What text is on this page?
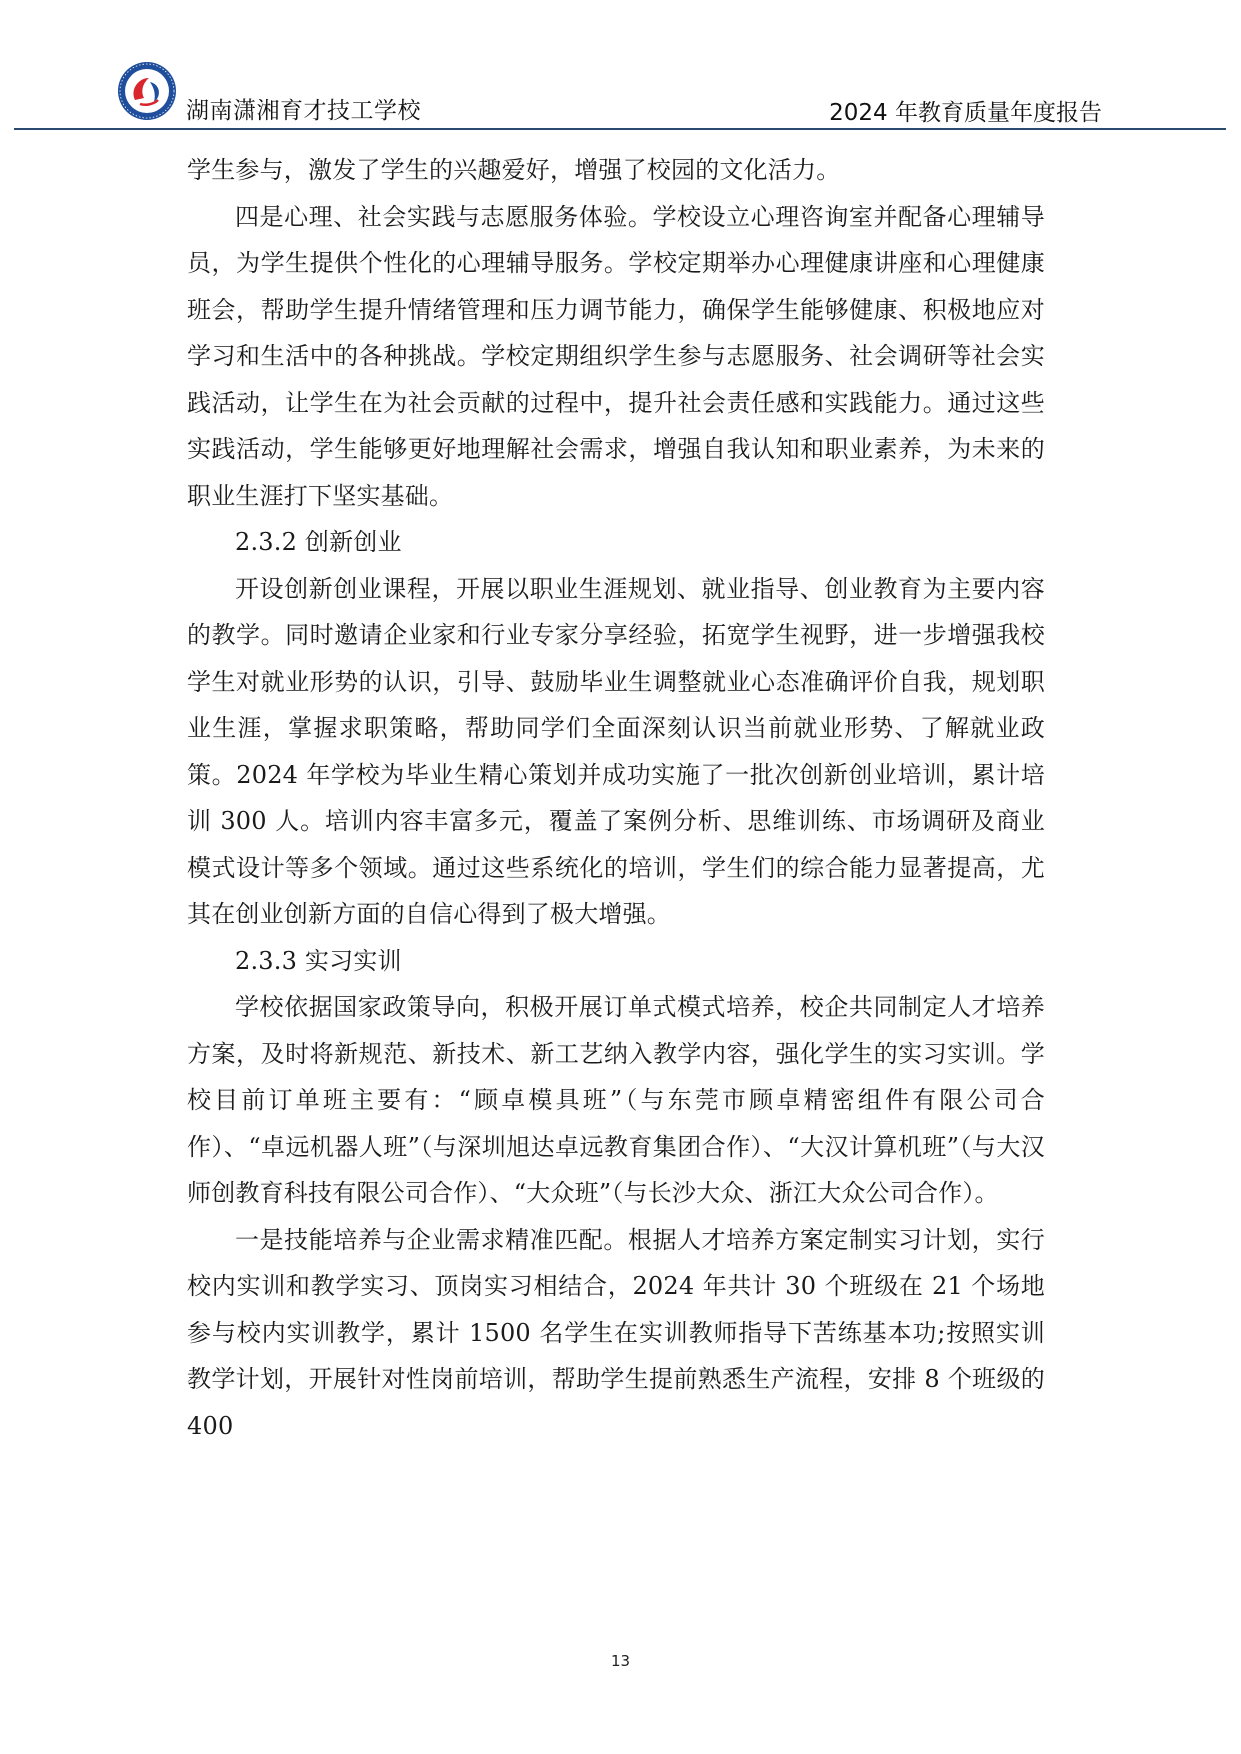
湖南潇湘育才技工学校	2024 年教育质量年度报告

学生参与，激发了学生的兴趣爱好，增强了校园的文化活力。

四是心理、社会实践与志愿服务体验。学校设立心理咨询室并配备心理辅导员，为学生提供个性化的心理辅导服务。学校定期举办心理健康讲座和心理健康班会，帮助学生提升情绪管理和压力调节能力，确保学生能够健康、积极地应对学习和生活中的各种挑战。学校定期组织学生参与志愿服务、社会调研等社会实践活动，让学生在为社会贡献的过程中，提升社会责任感和实践能力。通过这些实践活动，学生能够更好地理解社会需求，增强自我认知和职业素养，为未来的职业生涯打下坚实基础。

2.3.2 创新创业

开设创新创业课程，开展以职业生涯规划、就业指导、创业教育为主要内容的教学。同时邀请企业家和行业专家分享经验，拓宽学生视野，进一步增强我校学生对就业形势的认识，引导、鼓励毕业生调整就业心态准确评价自我，规划职业生涯，掌握求职策略，帮助同学们全面深刻认识当前就业形势、了解就业政策。2024 年学校为毕业生精心策划并成功实施了一批次创新创业培训，累计培训 300 人。培训内容丰富多元，覆盖了案例分析、思维训练、市场调研及商业模式设计等多个领域。通过这些系统化的培训，学生们的综合能力显著提高，尤其在创业创新方面的自信心得到了极大增强。

2.3.3 实习实训

学校依据国家政策导向，积极开展订单式模式培养，校企共同制定人才培养方案，及时将新规范、新技术、新工艺纳入教学内容，强化学生的实习实训。学校目前订单班主要有：“顾卓模具班”（与东莞市顾卓精密组件有限公司合作）、“卓远机器人班”（与深圳旭达卓远教育集团合作）、“大汉计算机班”（与大汉师创教育科技有限公司合作）、“大众班”（与长沙大众、浙江大众公司合作）。

一是技能培养与企业需求精准匹配。根据人才培养方案定制实习计划，实行校内实训和教学实习、顶岗实习相结合，2024 年共计 30 个班级在 21 个场地参与校内实训教学，累计 1500 名学生在实训教师指导下苦练基本功;按照实训教学计划，开展针对性岗前培训，帮助学生提前熟悉生产流程，安排 8 个班级的 400

13
